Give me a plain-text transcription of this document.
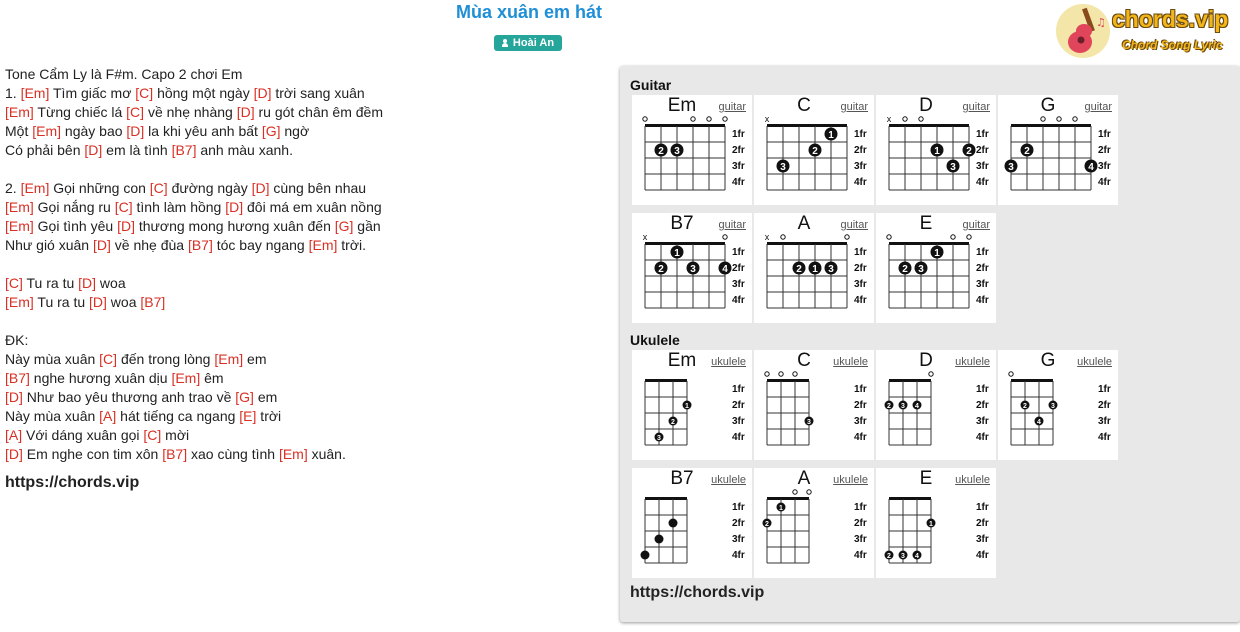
Mùa xuân em hát
Hoài An
♫ chords.vip
Chord Song Lyric
Tone Cẩm Ly là F#m. Capo 2 chơi Em
1. [Em] Tìm giấc mơ [C] hồng một ngày [D] trời sang xuân
[Em] Từng chiếc lá [C] về nhẹ nhàng [D] ru gót chân êm đềm
Một [Em] ngày bao [D] la khi yêu anh bất [G] ngờ
Có phải bên [D] em là tình [B7] anh màu xanh.
2. [Em] Gọi những con [C] đường ngày [D] cùng bên nhau
[Em] Gọi nắng ru [C] tình làm hồng [D] đôi má em xuân nồng
[Em] Gọi tình yêu [D] thương mong hương xuân đến [G] gần
Như gió xuân [D] về nhẹ đùa [B7] tóc bay ngang [Em] trời.
[C] Tu ra tu [D] woa
[Em] Tu ra tu [D] woa [B7]
ĐK:
Này mùa xuân [C] đến trong lòng [Em] em
[B7] nghe hương xuân dịu [Em] êm
[D] Như bao yêu thương anh trao về [G] em
Này mùa xuân [A] hát tiếng ca ngang [E] trời
[A] Với dáng xuân gọi [C] mời
[D] Em nghe con tim xôn [B7] xao cùng tình [Em] xuân.
https://chords.vip
Guitar
Em	guitar
1fr
2fr
3fr
4fr
2 3
C	guitar
1fr
2fr
3fr
4fr
x
1
2
3
D	guitar
1fr
2fr
3fr
4fr
x
1	2
3
G	guitar
1fr
2fr
3fr
4fr
2
3	4
B7	guitar
1fr
2fr
3fr
4fr
x
1
2	3	4
A	guitar
1fr
2fr
3fr
4fr
x
2 1 3
E	guitar
1fr
2fr
3fr
4fr
1
2 3
Ukulele
Em	ukulele
1fr
2fr
3fr
4fr
1
2
3
C	ukulele
1fr
2fr
3fr
4fr
3
D	ukulele
1fr
2fr
3fr
4fr
2 3 4
G	ukulele
1fr
2fr
3fr
4fr
2	3
4
B7	ukulele
1fr
2fr
3fr
4fr
A	ukulele
1fr
2fr
3fr
4fr
1
2
E	ukulele
1fr
2fr
3fr
4fr
1
2 3 4
https://chords.vip
